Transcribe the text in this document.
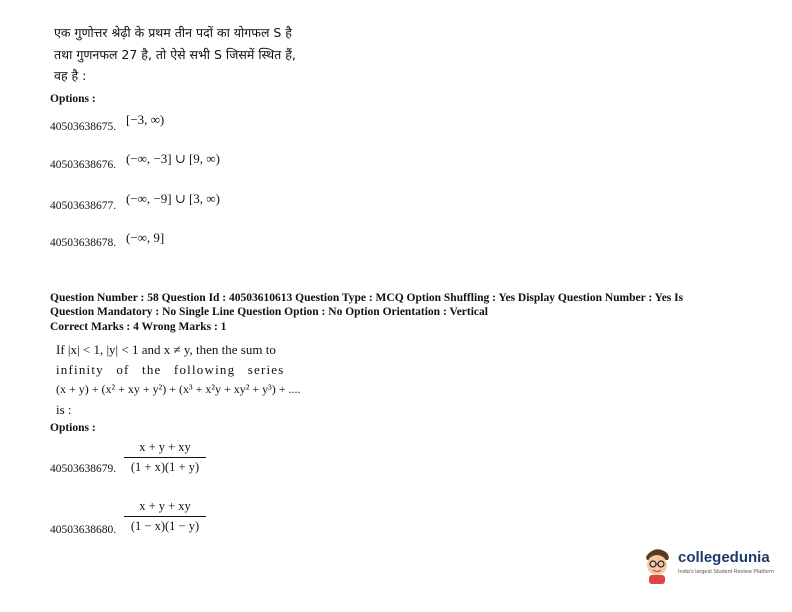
एक गुणोत्तर श्रेढ़ी के प्रथम तीन पदों का योगफल S है
तथा गुणनफल 27 है, तो ऐसे सभी S जिसमें स्थित हैं,
वह है :
Options :
40503638675. [−3, ∞)
40503638676. (−∞, −3] ∪ [9, ∞)
40503638677. (−∞, −9] ∪ [3, ∞)
40503638678. (−∞, 9]
Question Number : 58 Question Id : 40503610613 Question Type : MCQ Option Shuffling : Yes Display Question Number : Yes Is
Question Mandatory : No Single Line Question Option : No Option Orientation : Vertical
Correct Marks : 4 Wrong Marks : 1
If |x| < 1, |y| < 1 and x ≠ y, then the sum to
infinity of the following series
(x + y) + (x² + xy + y²) + (x³ + x²y + xy² + y³) + ....
is :
Options :
40503638679.
x + y + xy
(1 + x)(1 + y)
40503638680.
x + y + xy
(1 − x)(1 − y)
collegedunia
India's largest Student Review Platform
